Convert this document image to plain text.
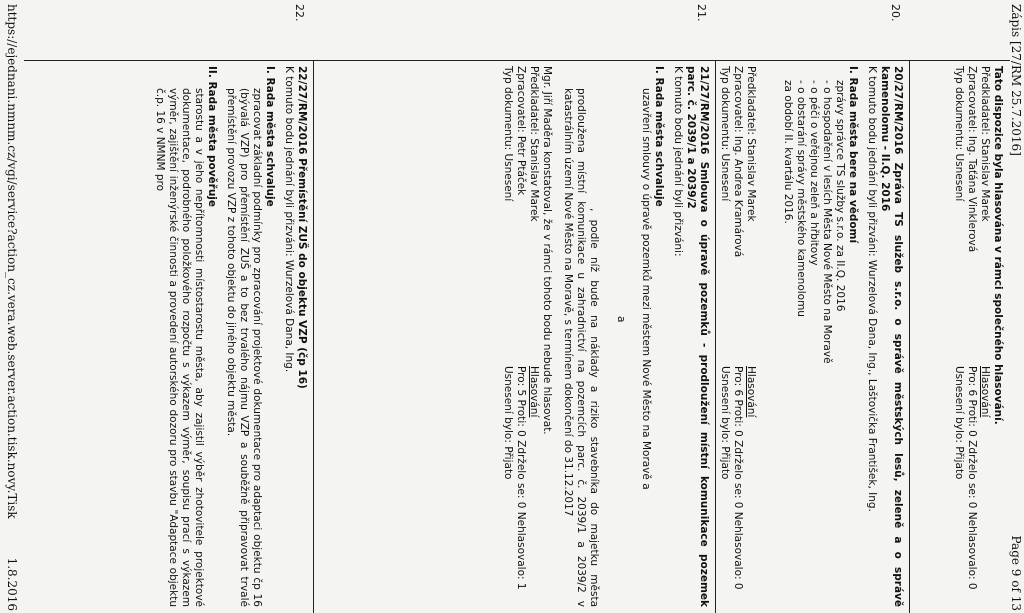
Zápis [27/RM 25.7.2016]
Page 9 of 13

Tato dispozice byla hlasována v rámci společného hlasování.

Předkladatel: Stanislav Marek
Hlasování
Zpracovatel: Ing. Taťána Vinklerová
Pro: 6 Proti: 0 Zdrželo se: 0 Nehlasovalo: 0
Typ dokumentu: Usnesení
Usnesení bylo: Přijato
20.

20/27/RM/2016 Zpráva TS služeb s.r.o. o správě městských lesů, zeleně a o správě kamenolomu - II.Q. 2016

K tomuto bodu jednání byli přizváni: Wurzelová Dana, Ing., Laštovička František, Ing.

I. Rada města bere na vědomí

zprávy správce TS služby s.r.o. za II.Q. 2016

- o hospodaření v lesích Města Nové Město na Moravě

- o péči o veřejnou zeleň a hřbitovy

- o obstarání správy městského kamenolomu

za období II. kvartálu 2016.

Předkladatel: Stanislav Marek
Hlasování
Zpracovatel: Ing. Andrea Kramárová
Pro: 6 Proti: 0 Zdrželo se: 0 Nehlasovalo: 0
Typ dokumentu: Usnesení
Usnesení bylo: Přijato
21.

21/27/RM/2016 Smlouva o úpravě pozemků - prodloužení místní komunikace pozemek parc. č. 2039/1 a 2039/2

K tomuto bodu jednání byli přizváni:

I. Rada města schvaluje

uzavření smlouvy o úpravě pozemků mezi městem Nové Město na Moravě a

a

, podle níž bude na náklady a riziko stavebníka do majetku města prodloužena místní komunikace u zahradnictví na pozemcích parc. č. 2039/1 a 2039/2 v katastrálním území Nové Město na Moravě, s termínem dokončení do 31.12.2017

Mgr. Jiří Maděra konstatoval, že v rámci tohoto bodu nebude hlasovat.

Předkladatel: Stanislav Marek
Hlasování
Zpracovatel: Petr Ptáček
Pro: 5 Proti: 0 Zdrželo se: 0 Nehlasovalo: 1
Typ dokumentu: Usnesení
Usnesení bylo: Přijato
22.

22/27/RM/2016 Přemístění ZUŠ do objektu VZP (čp 16)

K tomuto bodu jednání byli přizváni: Wurzelová Dana, Ing.

I. Rada města schvaluje

zpracovat základní podmínky pro zpracování projektové dokumentace pro adaptaci objektu čp 16 (bývalá VZP) pro přemístění ZUŠ a to bez trvalého nájmu VZP a souběžně připravovat trvalé přemístění provozu VZP z tohoto objektu do jiného objektu města.

II. Rada města pověřuje

starostu a v jeho nepřítomnosti místostarostu města, aby zajistil výběr zhotovitele projektové dokumentace, podrobného položkového rozpočtu s výkazem výměr, soupisu prací s výkazem výměr, zajištění inženýrské činnosti a provedení autorského dozoru pro stavbu "Adaptace objektu č.p. 16 v NMNM pro

https://ejednani.nmnm.cz/vgi/service?action_cz.vera.web.server.action.tisk.novy.Tisk
1.8.2016
